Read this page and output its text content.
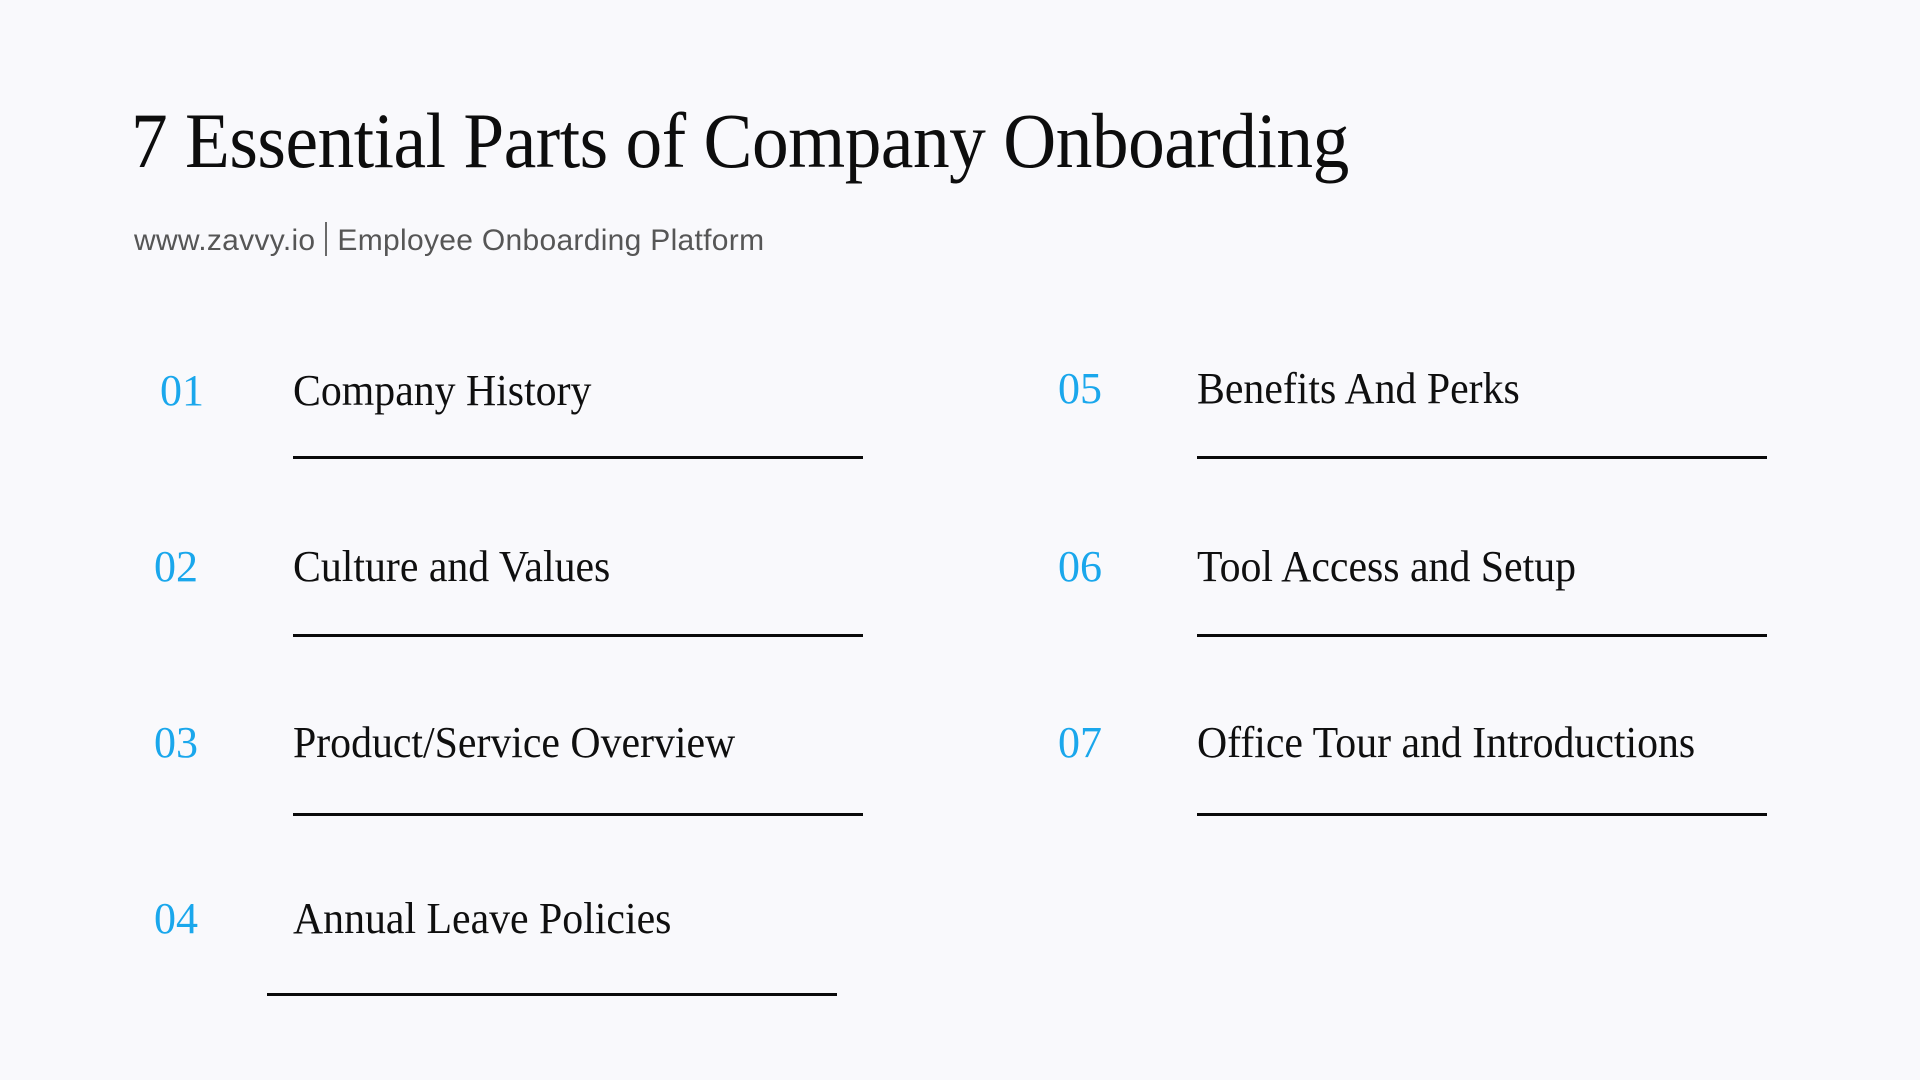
7 Essential Parts of Company Onboarding
www.zavvy.io Employee Onboarding Platform
01 Company History
02 Culture and Values
03 Product/Service Overview
04 Annual Leave Policies
05 Benefits And Perks
06 Tool Access and Setup
07 Office Tour and Introductions
